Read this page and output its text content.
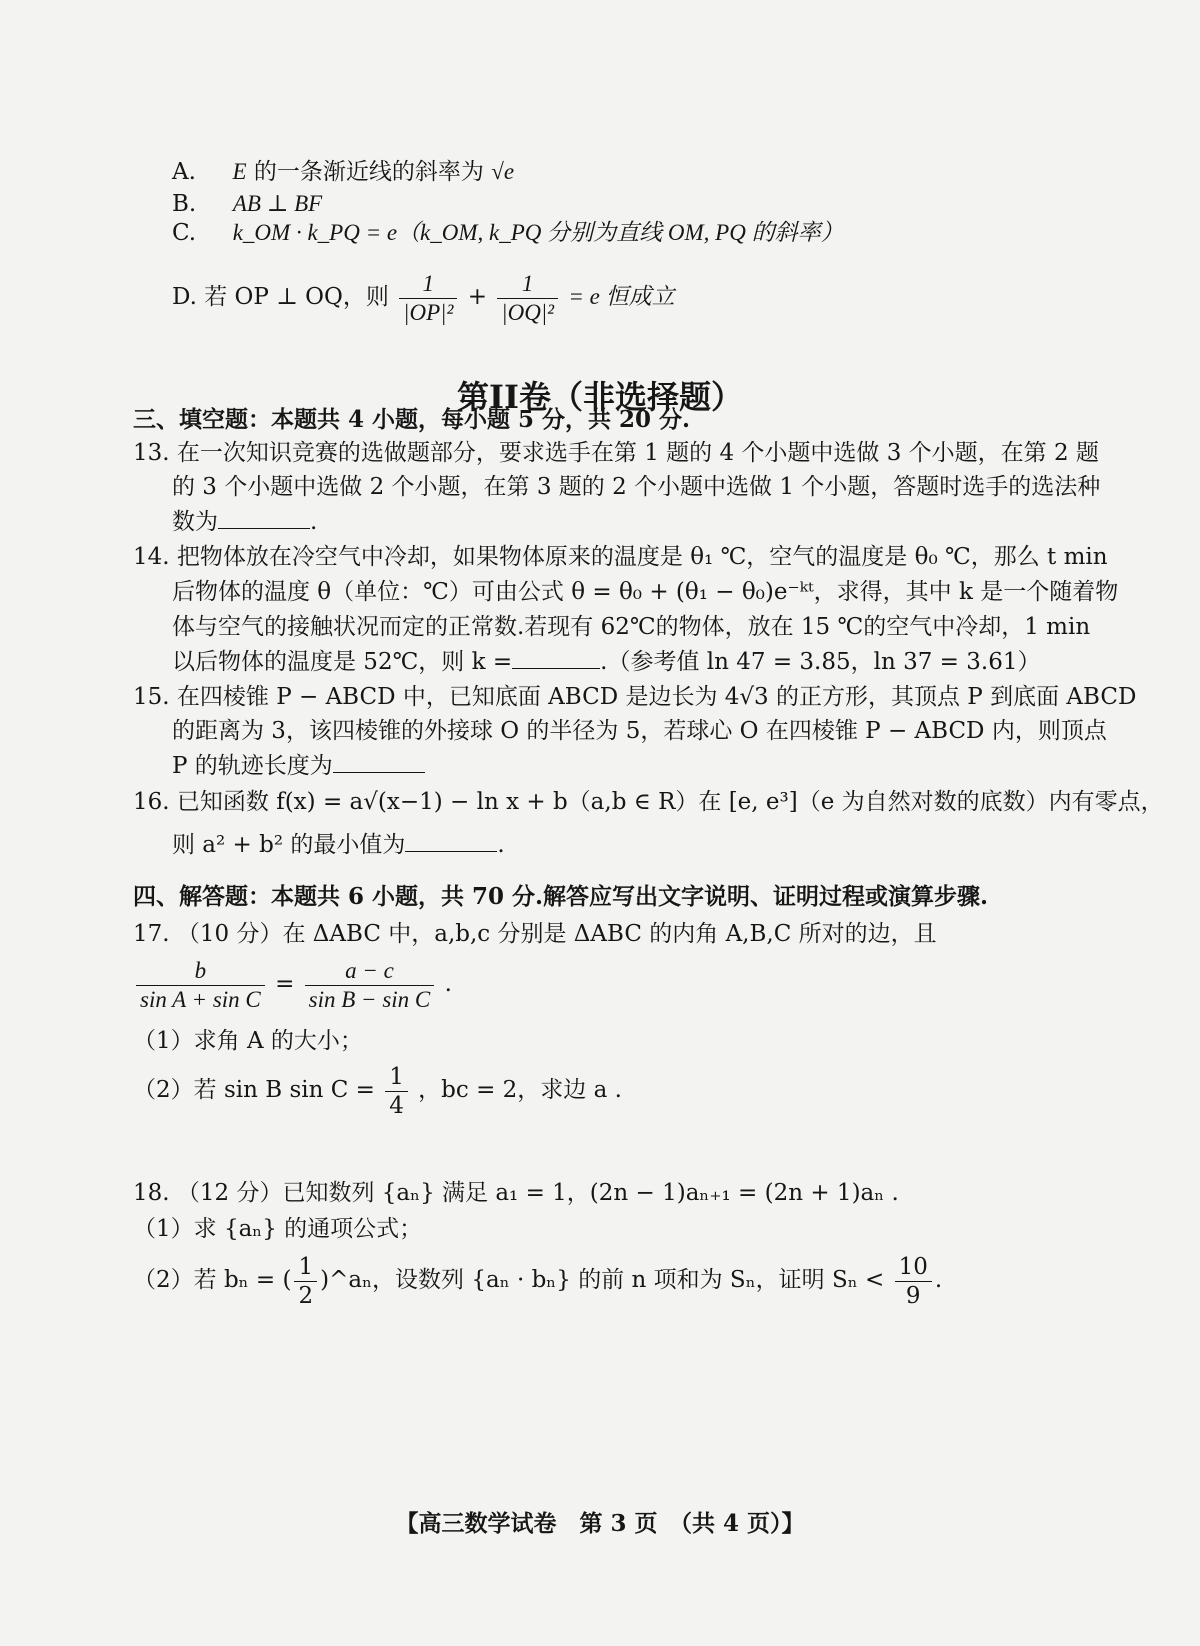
A. E 的一条渐近线的斜率为 √e
B. AB ⊥ BF
C. k_OM · k_PQ = e（k_OM, k_PQ 分别为直线 OM, PQ 的斜率）
D. 若 OP ⊥ OQ，则 $\frac{1}{\text{|OP|²}} + \frac{1}{\text{|OQ|²}} = e$ 恒成立
第II卷（非选择题）
三、填空题：本题共 4 小题，每小题 5 分，共 20 分.
13. 在一次知识竞赛的选做题部分，要求选手在第 1 题的 4 个小题中选做 3 个小题，在第 2 题
的 3 个小题中选做 2 个小题，在第 3 题的 2 个小题中选做 1 个小题，答题时选手的选法种
数为	.
14. 把物体放在冷空气中冷却，如果物体原来的温度是 θ₁ ℃，空气的温度是 θ₀ ℃，那么 t min
后物体的温度 θ（单位：℃）可由公式 θ = θ₀ + (θ₁ − θ₀)e⁻ᵏᵗ，求得，其中 k 是一个随着物
体与空气的接触状况而定的正常数.若现有 62℃的物体，放在 15 ℃的空气中冷却，1 min
以后物体的温度是 52℃，则 k =	.（参考值 ln 47 = 3.85，ln 37 = 3.61）
15. 在四棱锥 P − ABCD 中，已知底面 ABCD 是边长为 4√3 的正方形，其顶点 P 到底面 ABCD
的距离为 3，该四棱锥的外接球 O 的半径为 5，若球心 O 在四棱锥 P − ABCD 内，则顶点
P 的轨迹长度为
16. 已知函数 f(x) = a√(x−1) − ln x + b（a,b ∈ R）在 [e, e³]（e 为自然对数的底数）内有零点，
则 a² + b² 的最小值为	.
四、解答题：本题共 6 小题，共 70 分.解答应写出文字说明、证明过程或演算步骤.
17. （10 分）在 ΔABC 中，a,b,c 分别是 ΔABC 的内角 A,B,C 所对的边，且
$\frac{b}{\text{sin A + sin C}} = \frac{a - c}{\text{sin B − sin C}}$ .
（1）求角 A 的大小；
（2）若 sin B $\sin C = \frac{1}{4}$ ，bc = 2，求边 a .
18. （12 分）已知数列 {aₙ} 满足 a₁ = 1，(2n − 1)aₙ₊₁ = (2n + 1)aₙ .
（1）求 {aₙ} 的通项公式；
（2）若 bₙ = ( $\frac{1}{2}$ )^aₙ，设数列 {aₙ · bₙ} 的前 n 项和为 Sₙ，证明 $S_n < \frac{10}{9}$ .
【高三数学试卷　第 3 页　（共 4 页）】
